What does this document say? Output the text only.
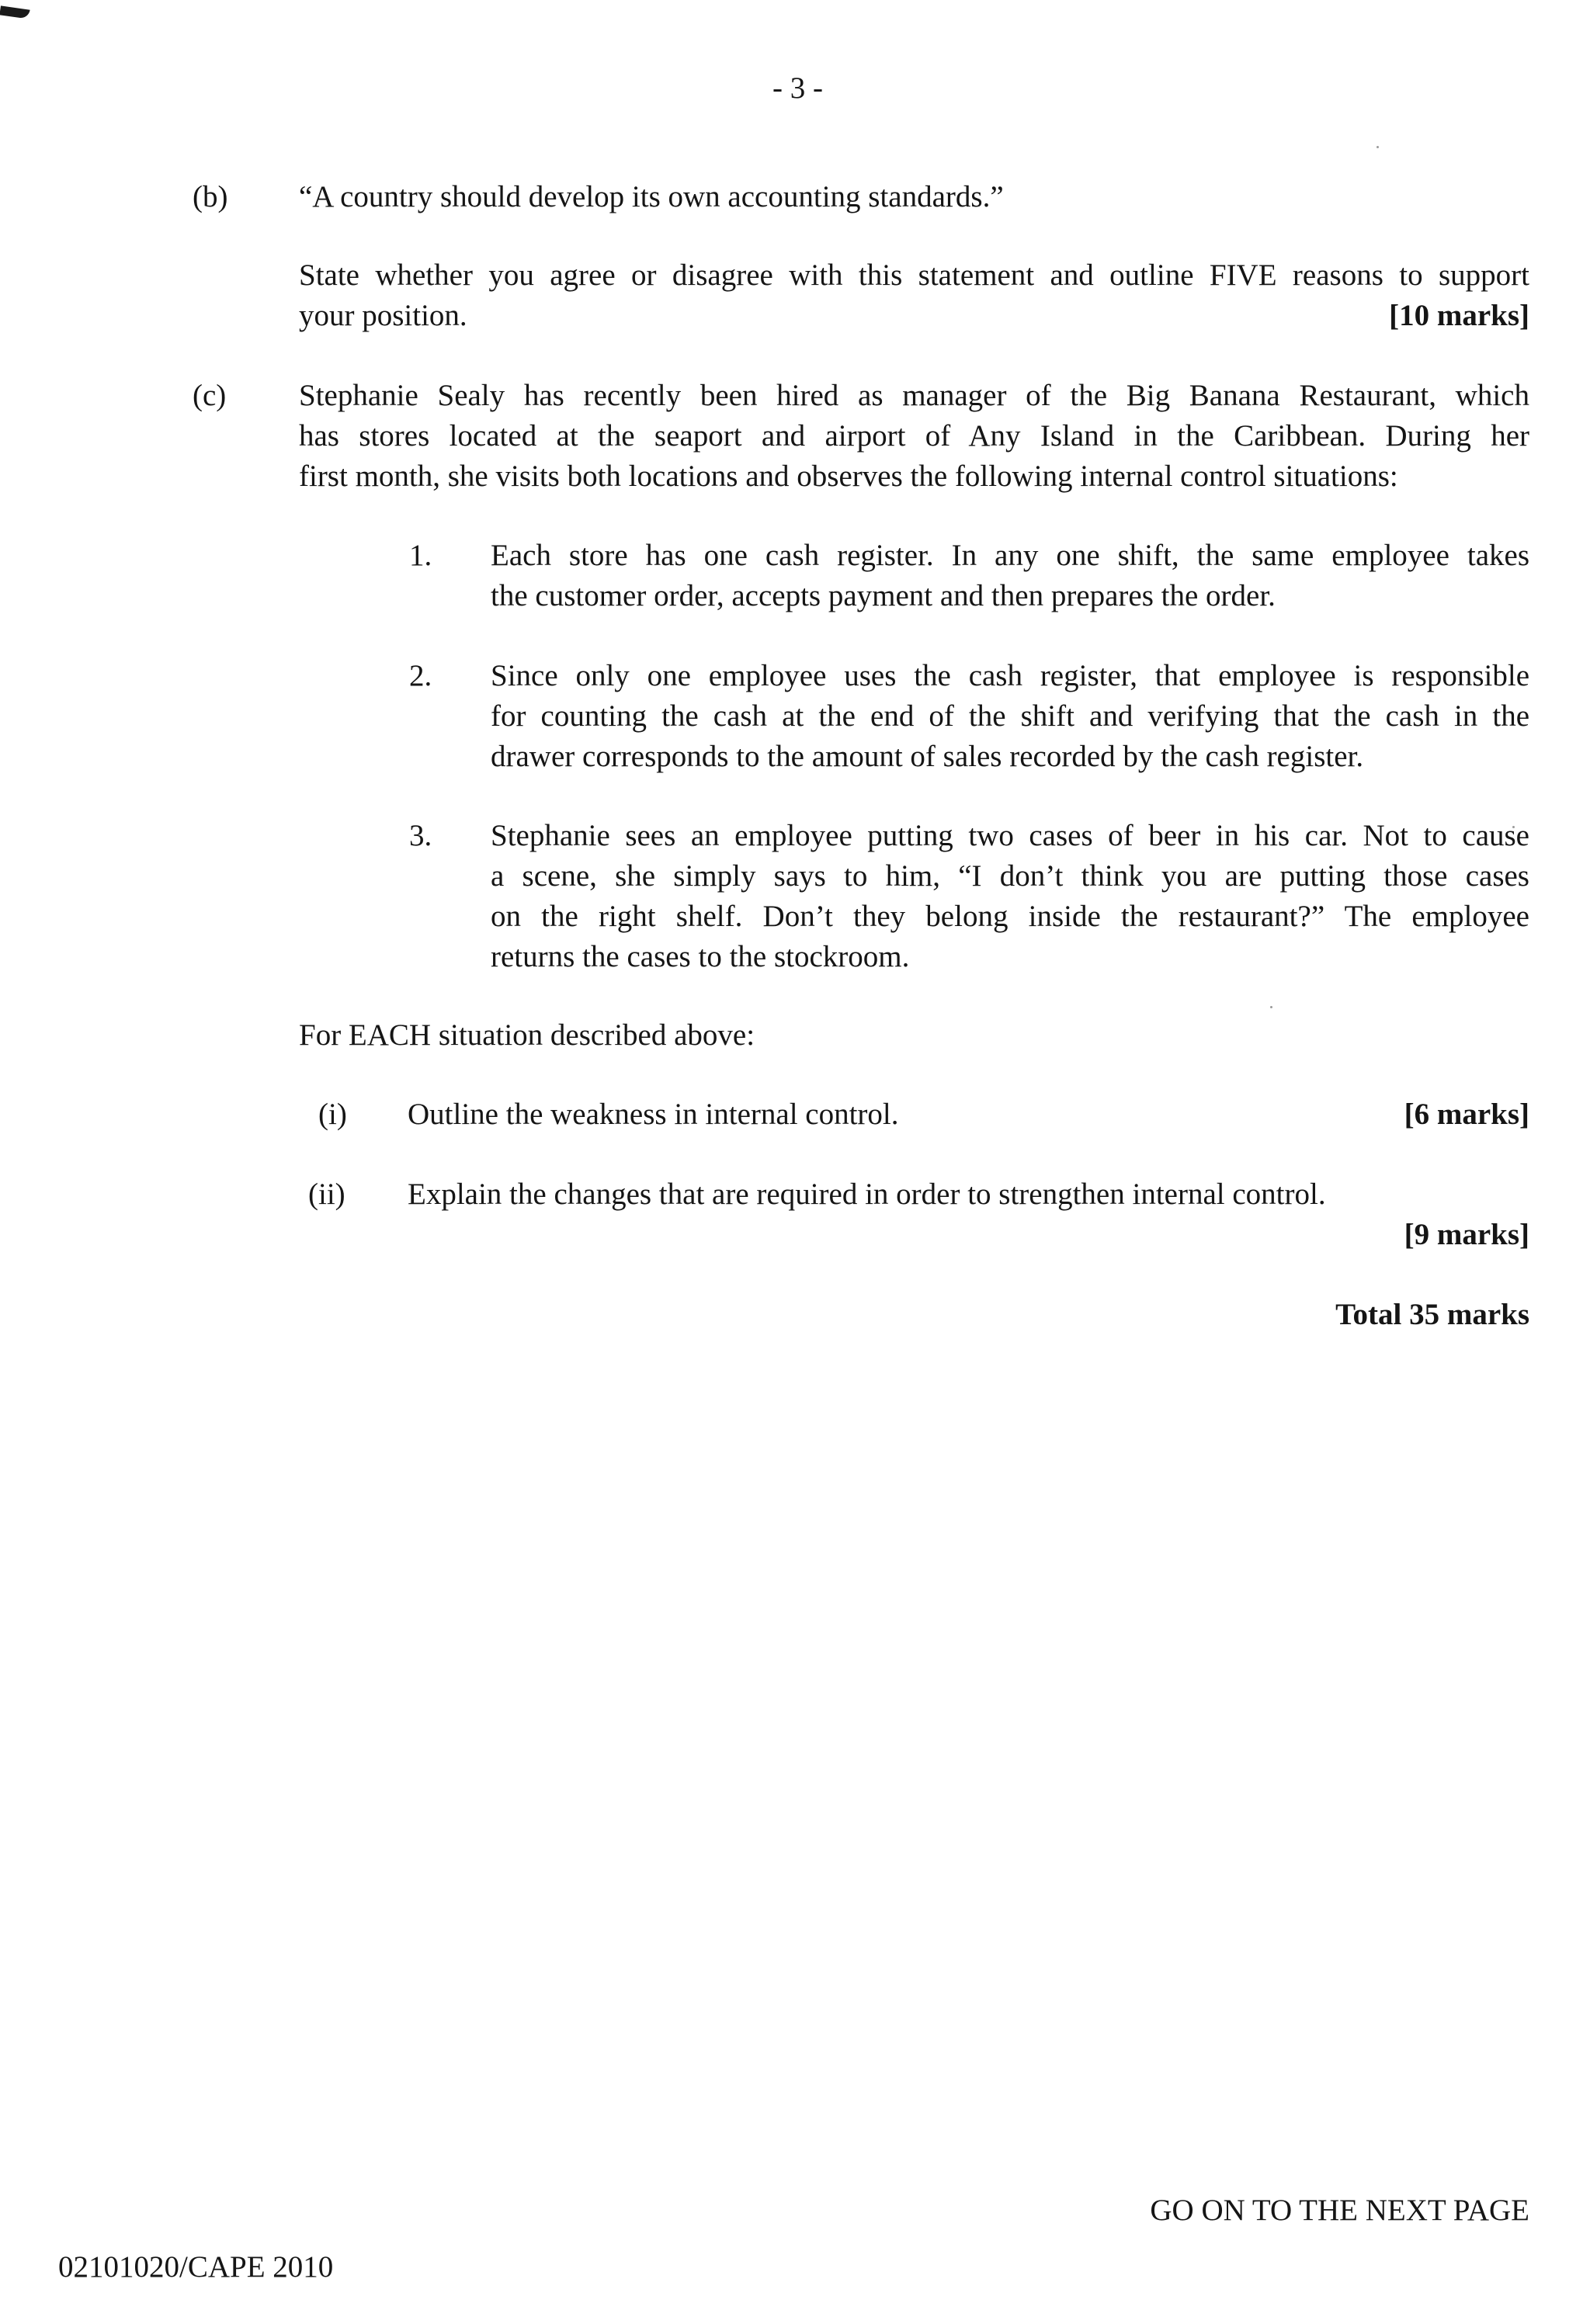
- 3 -
(b) “A country should develop its own accounting standards.”
State whether you agree or disagree with this statement and outline FIVE reasons to support
your position.	[10 marks]
(c) Stephanie Sealy has recently been hired as manager of the Big Banana Restaurant, which
has stores located at the seaport and airport of Any Island in the Caribbean. During her
first month, she visits both locations and observes the following internal control situations:
1. Each store has one cash register. In any one shift, the same employee takes
the customer order, accepts payment and then prepares the order.
2. Since only one employee uses the cash register, that employee is responsible
for counting the cash at the end of the shift and verifying that the cash in the
drawer corresponds to the amount of sales recorded by the cash register.
3. Stephanie sees an employee putting two cases of beer in his car. Not to cause
a scene, she simply says to him, “I don’t think you are putting those cases
on the right shelf. Don’t they belong inside the restaurant?” The employee
returns the cases to the stockroom.
For EACH situation described above:
(i) Outline the weakness in internal control.	[6 marks]
(ii) Explain the changes that are required in order to strengthen internal control.
[9 marks]
Total 35 marks
GO ON TO THE NEXT PAGE
02101020/CAPE 2010
